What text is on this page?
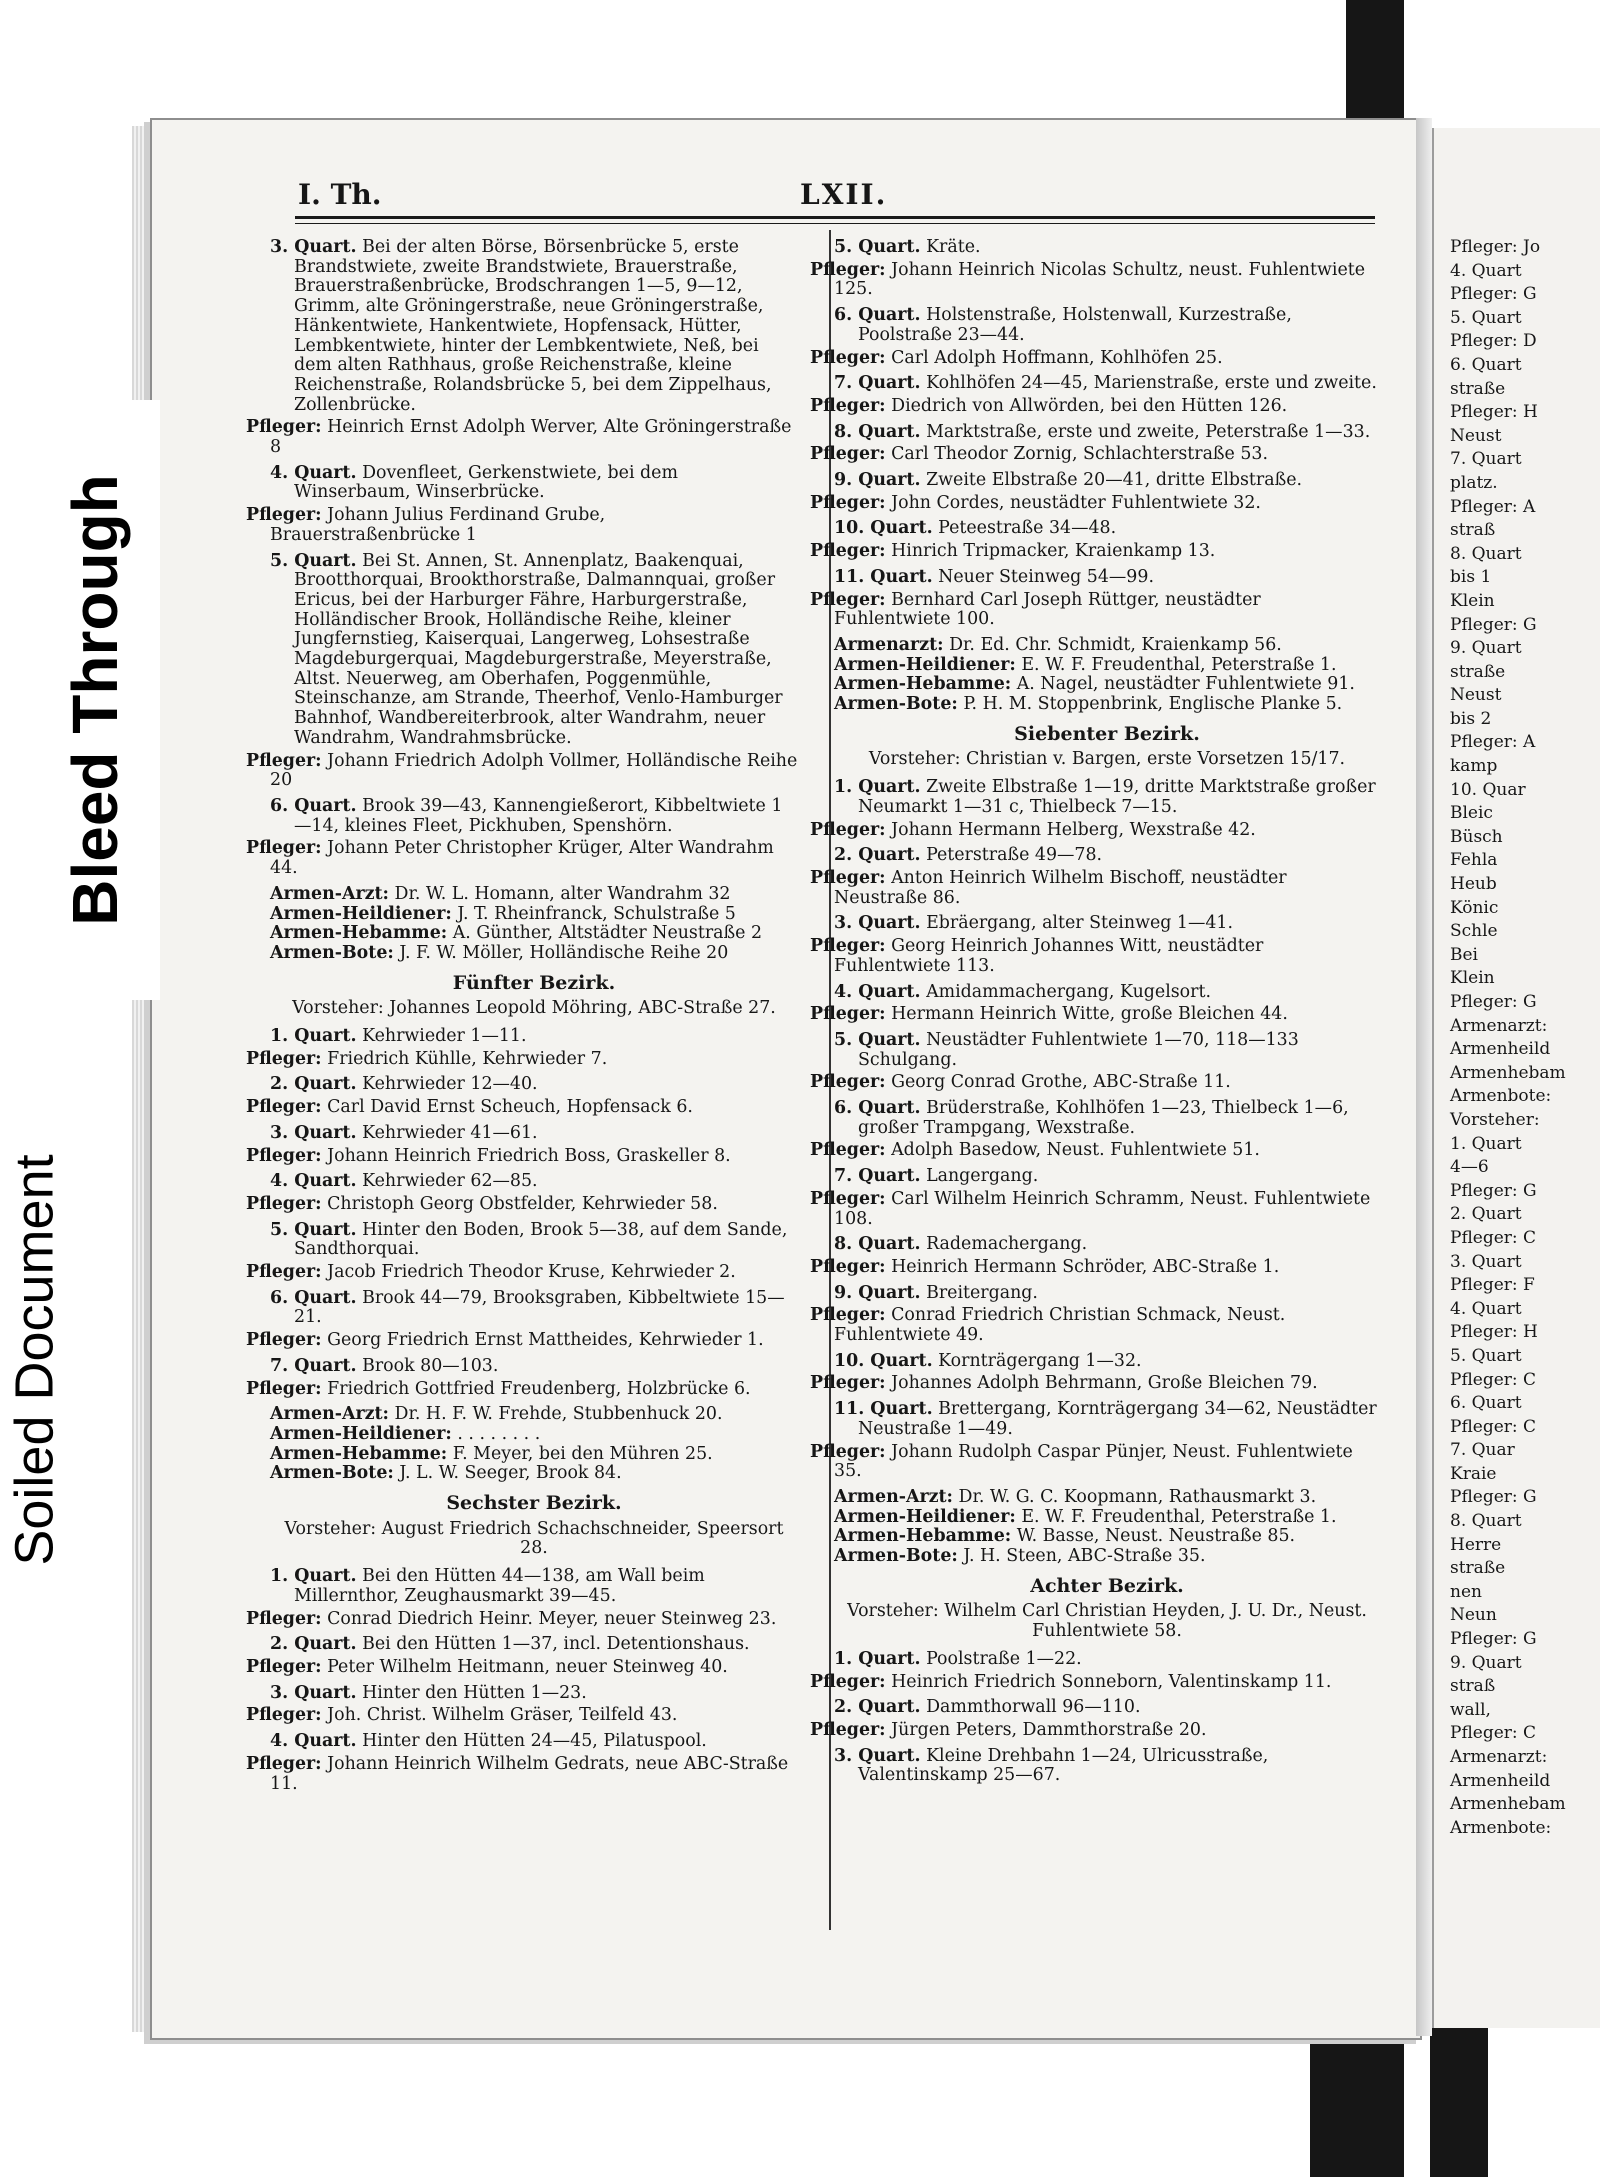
Pfleger: Jo
4. Quart
Pfleger: G
5. Quart
Pfleger: D
6. Quart
straße
Pfleger: H
Neust
7. Quart
platz.
Pfleger: A
straß
8. Quart
bis 1
Klein
Pfleger: G
9. Quart
straße
Neust
bis 2
Pfleger: A
kamp
10. Quar
Bleic
Büsch
Fehla
Heub
Könic
Schle
Bei
Klein
Pfleger: G
Armenarzt:
Armenheild
Armenhebam
Armenbote:
Vorsteher:
1. Quart
4—6
Pfleger: G
2. Quart
Pfleger: C
3. Quart
Pfleger: F
4. Quart
Pfleger: H
5. Quart
Pfleger: C
6. Quart
Pfleger: C
7. Quar
Kraie
Pfleger: G
8. Quart
Herre
straße
nen
Neun
Pfleger: G
9. Quart
straß
wall,
Pfleger: C
Armenarzt:
Armenheild
Armenhebam
Armenbote:
Bleed Through
Soiled Document
I. Th.	LXII.
3. Quart. Bei der alten Börse, Börsenbrücke 5, erste Brandstwiete, zweite Brandstwiete, Brauerstraße, Brauerstraßenbrücke, Brodschrangen 1—5, 9—12, Grimm, alte Gröningerstraße, neue Gröningerstraße, Hänkentwiete, Hankentwiete, Hopfensack, Hütter, Lembkentwiete, hinter der Lembkentwiete, Neß, bei dem alten Rathhaus, große Reichenstraße, kleine Reichenstraße, Rolandsbrücke 5, bei dem Zippelhaus, Zollenbrücke.
Pfleger: Heinrich Ernst Adolph Werver, Alte Gröningerstraße 8
4. Quart. Dovenfleet, Gerkenstwiete, bei dem Winserbaum, Winserbrücke.
Pfleger: Johann Julius Ferdinand Grube, Brauerstraßenbrücke 1
5. Quart. Bei St. Annen, St. Annenplatz, Baakenquai, Brootthorquai, Brookthorstraße, Dalmannquai, großer Ericus, bei der Harburger Fähre, Harburgerstraße, Holländischer Brook, Holländische Reihe, kleiner Jungfernstieg, Kaiserquai, Langerweg, Lohsestraße Magdeburgerquai, Magdeburgerstraße, Meyerstraße, Altst. Neuerweg, am Oberhafen, Poggenmühle, Steinschanze, am Strande, Theerhof, Venlo-Hamburger Bahnhof, Wandbereiterbrook, alter Wandrahm, neuer Wandrahm, Wandrahmsbrücke.
Pfleger: Johann Friedrich Adolph Vollmer, Holländische Reihe 20
6. Quart. Brook 39—43, Kannengießerort, Kibbeltwiete 1—14, kleines Fleet, Pickhuben, Spenshörn.
Pfleger: Johann Peter Christopher Krüger, Alter Wandrahm 44.
Armen-Arzt: Dr. W. L. Homann, alter Wandrahm 32
Armen-Heildiener: J. T. Rheinfranck, Schulstraße 5
Armen-Hebamme: A. Günther, Altstädter Neustraße 2
Armen-Bote: J. F. W. Möller, Holländische Reihe 20
Fünfter Bezirk.
Vorsteher: Johannes Leopold Möhring, ABC-Straße 27.
1. Quart. Kehrwieder 1—11.
Pfleger: Friedrich Kühlle, Kehrwieder 7.
2. Quart. Kehrwieder 12—40.
Pfleger: Carl David Ernst Scheuch, Hopfensack 6.
3. Quart. Kehrwieder 41—61.
Pfleger: Johann Heinrich Friedrich Boss, Graskeller 8.
4. Quart. Kehrwieder 62—85.
Pfleger: Christoph Georg Obstfelder, Kehrwieder 58.
5. Quart. Hinter den Boden, Brook 5—38, auf dem Sande, Sandthorquai.
Pfleger: Jacob Friedrich Theodor Kruse, Kehrwieder 2.
6. Quart. Brook 44—79, Brooksgraben, Kibbeltwiete 15—21.
Pfleger: Georg Friedrich Ernst Mattheides, Kehrwieder 1.
7. Quart. Brook 80—103.
Pfleger: Friedrich Gottfried Freudenberg, Holzbrücke 6.
Armen-Arzt: Dr. H. F. W. Frehde, Stubbenhuck 20.
Armen-Heildiener: . . . . . . . .
Armen-Hebamme: F. Meyer, bei den Mühren 25.
Armen-Bote: J. L. W. Seeger, Brook 84.
Sechster Bezirk.
Vorsteher: August Friedrich Schachschneider, Speersort 28.
1. Quart. Bei den Hütten 44—138, am Wall beim Millernthor, Zeughausmarkt 39—45.
Pfleger: Conrad Diedrich Heinr. Meyer, neuer Steinweg 23.
2. Quart. Bei den Hütten 1—37, incl. Detentionshaus.
Pfleger: Peter Wilhelm Heitmann, neuer Steinweg 40.
3. Quart. Hinter den Hütten 1—23.
Pfleger: Joh. Christ. Wilhelm Gräser, Teilfeld 43.
4. Quart. Hinter den Hütten 24—45, Pilatuspool.
Pfleger: Johann Heinrich Wilhelm Gedrats, neue ABC-Straße 11.
5. Quart. Kräte.
Pfleger: Johann Heinrich Nicolas Schultz, neust. Fuhlentwiete 125.
6. Quart. Holstenstraße, Holstenwall, Kurzestraße, Poolstraße 23—44.
Pfleger: Carl Adolph Hoffmann, Kohlhöfen 25.
7. Quart. Kohlhöfen 24—45, Marienstraße, erste und zweite.
Pfleger: Diedrich von Allwörden, bei den Hütten 126.
8. Quart. Marktstraße, erste und zweite, Peterstraße 1—33.
Pfleger: Carl Theodor Zornig, Schlachterstraße 53.
9. Quart. Zweite Elbstraße 20—41, dritte Elbstraße.
Pfleger: John Cordes, neustädter Fuhlentwiete 32.
10. Quart. Peteestraße 34—48.
Pfleger: Hinrich Tripmacker, Kraienkamp 13.
11. Quart. Neuer Steinweg 54—99.
Pfleger: Bernhard Carl Joseph Rüttger, neustädter Fuhlentwiete 100.
Armenarzt: Dr. Ed. Chr. Schmidt, Kraienkamp 56.
Armen-Heildiener: E. W. F. Freudenthal, Peterstraße 1.
Armen-Hebamme: A. Nagel, neustädter Fuhlentwiete 91.
Armen-Bote: P. H. M. Stoppenbrink, Englische Planke 5.
Siebenter Bezirk.
Vorsteher: Christian v. Bargen, erste Vorsetzen 15/17.
1. Quart. Zweite Elbstraße 1—19, dritte Marktstraße großer Neumarkt 1—31 c, Thielbeck 7—15.
Pfleger: Johann Hermann Helberg, Wexstraße 42.
2. Quart. Peterstraße 49—78.
Pfleger: Anton Heinrich Wilhelm Bischoff, neustädter Neustraße 86.
3. Quart. Ebräergang, alter Steinweg 1—41.
Pfleger: Georg Heinrich Johannes Witt, neustädter Fuhlentwiete 113.
4. Quart. Amidammachergang, Kugelsort.
Pfleger: Hermann Heinrich Witte, große Bleichen 44.
5. Quart. Neustädter Fuhlentwiete 1—70, 118—133 Schulgang.
Pfleger: Georg Conrad Grothe, ABC-Straße 11.
6. Quart. Brüderstraße, Kohlhöfen 1—23, Thielbeck 1—6, großer Trampgang, Wexstraße.
Pfleger: Adolph Basedow, Neust. Fuhlentwiete 51.
7. Quart. Langergang.
Pfleger: Carl Wilhelm Heinrich Schramm, Neust. Fuhlentwiete 108.
8. Quart. Rademachergang.
Pfleger: Heinrich Hermann Schröder, ABC-Straße 1.
9. Quart. Breitergang.
Pfleger: Conrad Friedrich Christian Schmack, Neust. Fuhlentwiete 49.
10. Quart. Kornträgergang 1—32.
Pfleger: Johannes Adolph Behrmann, Große Bleichen 79.
11. Quart. Brettergang, Kornträgergang 34—62, Neustädter Neustraße 1—49.
Pfleger: Johann Rudolph Caspar Pünjer, Neust. Fuhlentwiete 35.
Armen-Arzt: Dr. W. G. C. Koopmann, Rathausmarkt 3.
Armen-Heildiener: E. W. F. Freudenthal, Peterstraße 1.
Armen-Hebamme: W. Basse, Neust. Neustraße 85.
Armen-Bote: J. H. Steen, ABC-Straße 35.
Achter Bezirk.
Vorsteher: Wilhelm Carl Christian Heyden, J. U. Dr., Neust. Fuhlentwiete 58.
1. Quart. Poolstraße 1—22.
Pfleger: Heinrich Friedrich Sonneborn, Valentinskamp 11.
2. Quart. Dammthorwall 96—110.
Pfleger: Jürgen Peters, Dammthorstraße 20.
3. Quart. Kleine Drehbahn 1—24, Ulricusstraße, Valentinskamp 25—67.
